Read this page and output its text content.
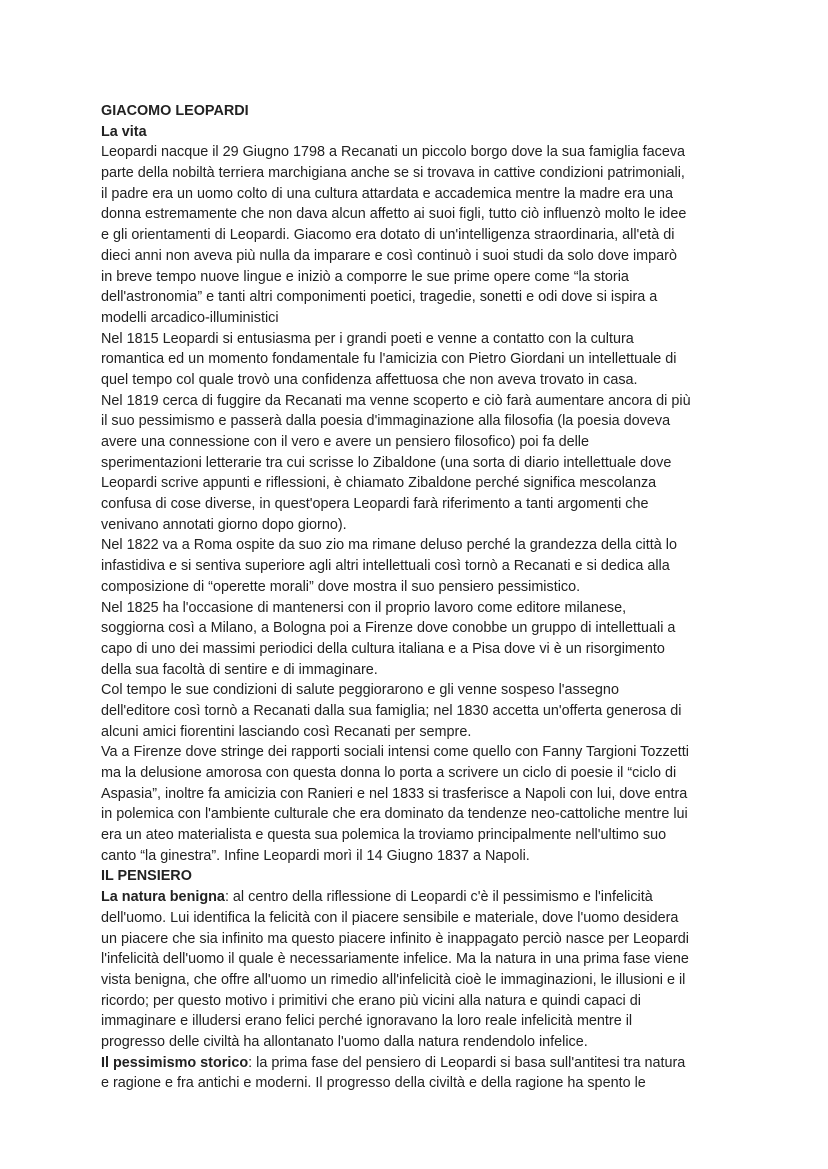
GIACOMO LEOPARDI
La vita
Leopardi nacque il 29 Giugno 1798 a Recanati un piccolo borgo dove la sua famiglia faceva
parte della nobiltà terriera marchigiana anche se si trovava in cattive condizioni patrimoniali,
il padre era un uomo colto di una cultura attardata e accademica mentre la madre era una
donna estremamente che non dava alcun affetto ai suoi figli, tutto ciò influenzò molto le idee
e gli orientamenti di Leopardi. Giacomo era dotato di un'intelligenza straordinaria, all'età di
dieci anni non aveva più nulla da imparare e così continuò i suoi studi da solo dove imparò
in breve tempo nuove lingue e iniziò a comporre le sue prime opere come “la storia
dell'astronomia” e tanti altri componimenti poetici, tragedie, sonetti e odi dove si ispira a
modelli arcadico-illuministici
Nel 1815 Leopardi si entusiasma per i grandi poeti e venne a contatto con la cultura
romantica ed un momento fondamentale fu l'amicizia con Pietro Giordani un intellettuale di
quel tempo col quale trovò una confidenza affettuosa che non aveva trovato in casa.
Nel 1819 cerca di fuggire da Recanati ma venne scoperto e ciò farà aumentare ancora di più
il suo pessimismo e passerà dalla poesia d'immaginazione alla filosofia (la poesia doveva
avere una connessione con il vero e avere un pensiero filosofico) poi fa delle
sperimentazioni letterarie tra cui scrisse lo Zibaldone (una sorta di diario intellettuale dove
Leopardi scrive appunti e riflessioni, è chiamato Zibaldone perché significa mescolanza
confusa di cose diverse, in quest'opera Leopardi farà riferimento a tanti argomenti che
venivano annotati giorno dopo giorno).
Nel 1822 va a Roma ospite da suo zio ma rimane deluso perché la grandezza della città lo
infastidiva e si sentiva superiore agli altri intellettuali così tornò a Recanati e si dedica alla
composizione di “operette morali” dove mostra il suo pensiero pessimistico.
Nel 1825 ha l'occasione di mantenersi con il proprio lavoro come editore milanese,
soggiorna così a Milano, a Bologna poi a Firenze dove conobbe un gruppo di intellettuali a
capo di uno dei massimi periodici della cultura italiana e a Pisa dove vi è un risorgimento
della sua facoltà di sentire e di immaginare.
Col tempo le sue condizioni di salute peggiorarono e gli venne sospeso l'assegno
dell'editore così tornò a Recanati dalla sua famiglia; nel 1830 accetta un'offerta generosa di
alcuni amici fiorentini lasciando così Recanati per sempre.
Va a Firenze dove stringe dei rapporti sociali intensi come quello con Fanny Targioni Tozzetti
ma la delusione amorosa con questa donna lo porta a scrivere un ciclo di poesie il “ciclo di
Aspasia”, inoltre fa amicizia con Ranieri e nel 1833 si trasferisce a Napoli con lui, dove entra
in polemica con l'ambiente culturale che era dominato da tendenze neo-cattoliche mentre lui
era un ateo materialista e questa sua polemica la troviamo principalmente nell'ultimo suo
canto “la ginestra”. Infine Leopardi morì il 14 Giugno 1837 a Napoli.
IL PENSIERO
La natura benigna: al centro della riflessione di Leopardi c'è il pessimismo e l'infelicità
dell'uomo. Lui identifica la felicità con il piacere sensibile e materiale, dove l'uomo desidera
un piacere che sia infinito ma questo piacere infinito è inappagato perciò nasce per Leopardi
l'infelicità dell'uomo il quale è necessariamente infelice. Ma la natura in una prima fase viene
vista benigna, che offre all'uomo un rimedio all'infelicità cioè le immaginazioni, le illusioni e il
ricordo; per questo motivo i primitivi che erano più vicini alla natura e quindi capaci di
immaginare e illudersi erano felici perché ignoravano la loro reale infelicità mentre il
progresso delle civiltà ha allontanato l'uomo dalla natura rendendolo infelice.
Il pessimismo storico: la prima fase del pensiero di Leopardi si basa sull'antitesi tra natura
e ragione e fra antichi e moderni. Il progresso della civiltà e della ragione ha spento le
